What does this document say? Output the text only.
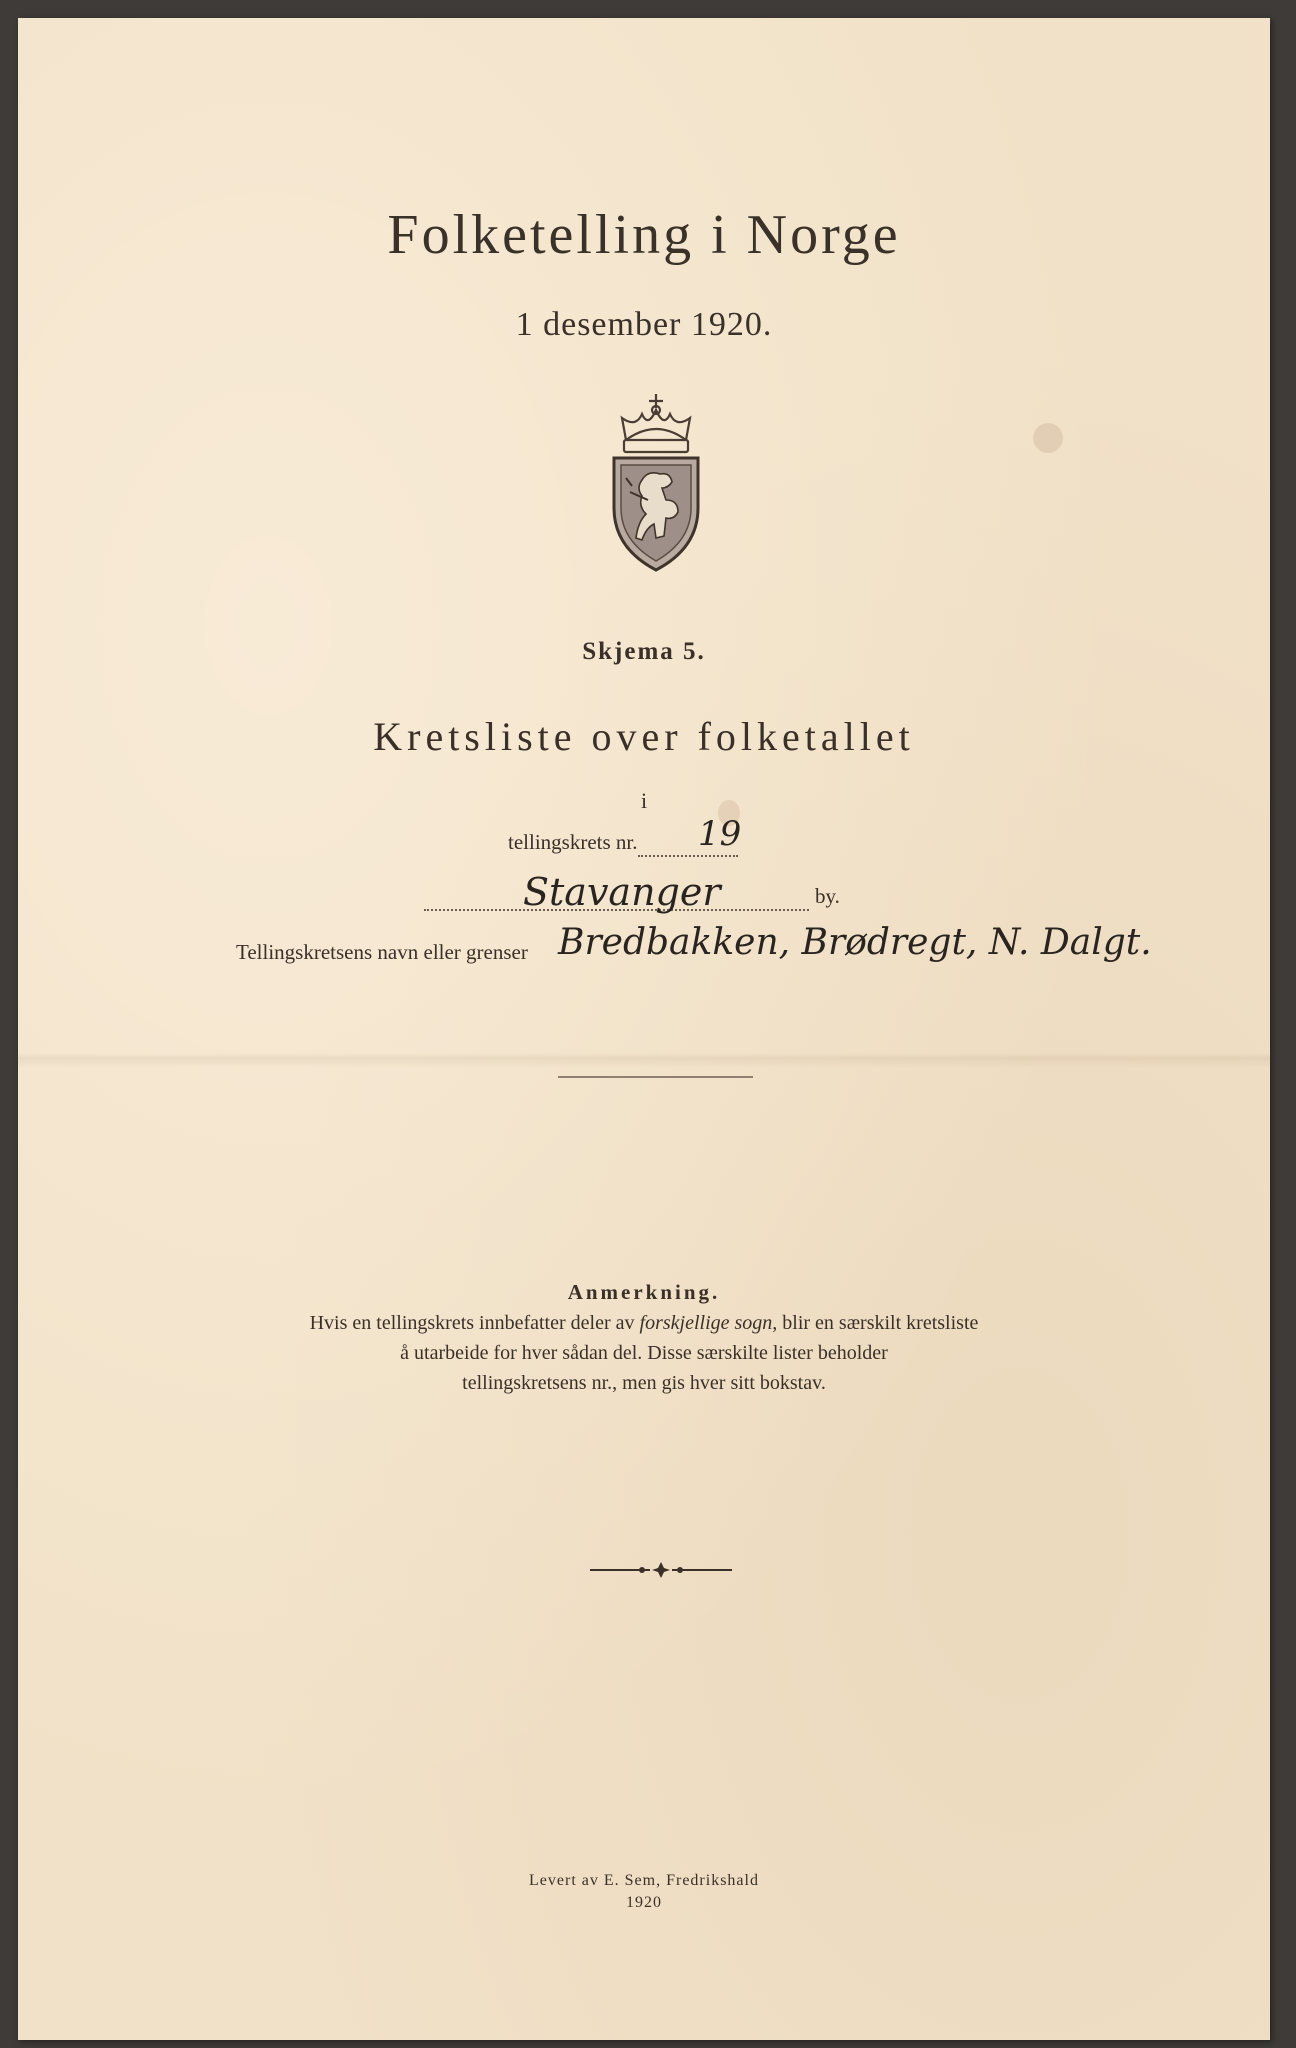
Folketelling i Norge
1 desember 1920.
Skjema 5.
Kretsliste over folketallet
i
tellingskrets nr.	19
by.
Stavanger
Tellingskretsens navn eller grenser Bredbakken, Brødregt, N. Dalgt.
Anmerkning.
Hvis en tellingskrets innbefatter deler av forskjellige sogn, blir en særskilt kretsliste
å utarbeide for hver sådan del. Disse særskilte lister beholder
tellingskretsens nr., men gis hver sitt bokstav.
Levert av E. Sem, Fredrikshald
1920
